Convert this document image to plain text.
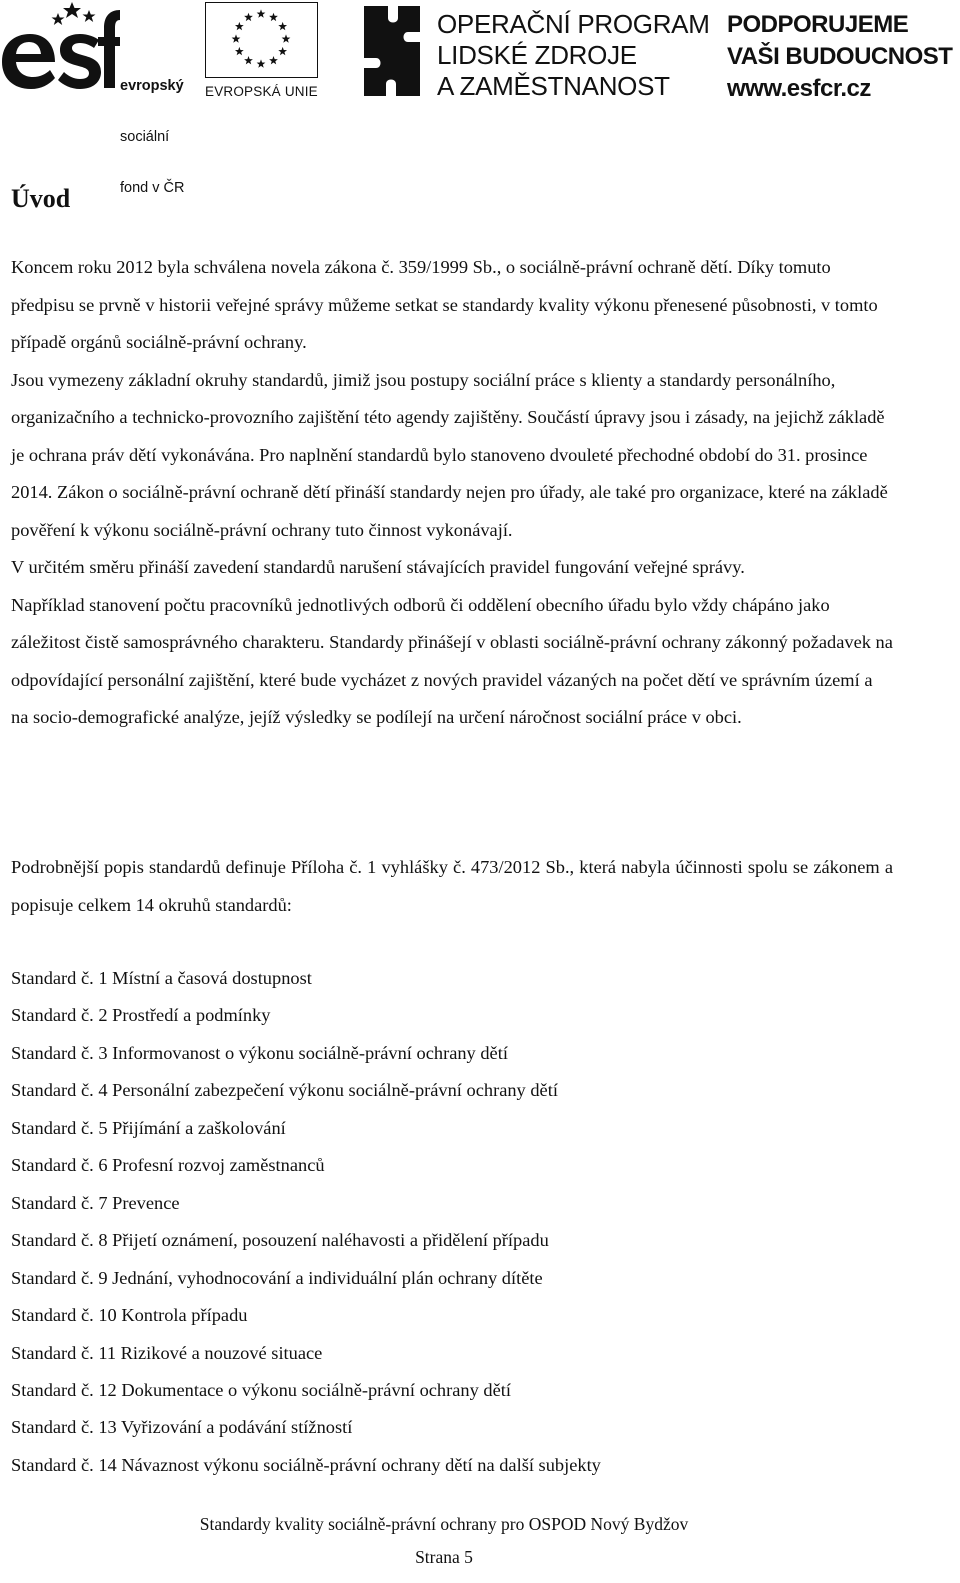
evropský

sociální

fond v ČR

EVROPSKÁ UNIE
OPERAČNÍ PROGRAM
LIDSKÉ ZDROJE
A ZAMĚSTNANOST
PODPORUJEME
VAŠI BUDOUCNOST
www.esfcr.cz
Úvod
Koncem roku 2012 byla schválena novela zákona č. 359/1999 Sb., o sociálně-právní ochraně dětí. Díky tomuto předpisu se prvně v historii veřejné správy můžeme setkat se standardy kvality výkonu přenesené působnosti, v tomto případě orgánů sociálně-právní ochrany.
Jsou vymezeny základní okruhy standardů, jimiž jsou postupy sociální práce s klienty a standardy personálního, organizačního a technicko-provozního zajištění této agendy zajištěny. Součástí úpravy jsou i zásady, na jejichž základě je ochrana práv dětí vykonávána. Pro naplnění standardů bylo stanoveno dvouleté přechodné období do 31. prosince 2014. Zákon o sociálně-právní ochraně dětí přináší standardy nejen pro úřady, ale také pro organizace, které na základě pověření k výkonu sociálně-právní ochrany tuto činnost vykonávají.
V určitém směru přináší zavedení standardů narušení stávajících pravidel fungování veřejné správy.
Například stanovení počtu pracovníků jednotlivých odborů či oddělení obecního úřadu bylo vždy chápáno jako záležitost čistě samosprávného charakteru. Standardy přinášejí v oblasti sociálně-právní ochrany zákonný požadavek na odpovídající personální zajištění, které bude vycházet z nových pravidel vázaných na počet dětí ve správním území a na socio-demografické analýze, jejíž výsledky se podílejí na určení náročnost sociální práce v obci.
Podrobnější popis standardů definuje Příloha č. 1 vyhlášky č. 473/2012 Sb., která nabyla účinnosti spolu se zákonem a popisuje celkem 14 okruhů standardů:
Standard č. 1 Místní a časová dostupnost
Standard č. 2 Prostředí a podmínky
Standard č. 3 Informovanost o výkonu sociálně-právní ochrany dětí
Standard č. 4 Personální zabezpečení výkonu sociálně-právní ochrany dětí
Standard č. 5 Přijímání a zaškolování
Standard č. 6 Profesní rozvoj zaměstnanců
Standard č. 7 Prevence
Standard č. 8 Přijetí oznámení, posouzení naléhavosti a přidělení případu
Standard č. 9 Jednání, vyhodnocování a individuální plán ochrany dítěte
Standard č. 10 Kontrola případu
Standard č. 11 Rizikové a nouzové situace
Standard č. 12 Dokumentace o výkonu sociálně-právní ochrany dětí
Standard č. 13 Vyřizování a podávání stížností
Standard č. 14 Návaznost výkonu sociálně-právní ochrany dětí na další subjekty
Standardy kvality sociálně-právní ochrany pro OSPOD Nový Bydžov
Strana 5
